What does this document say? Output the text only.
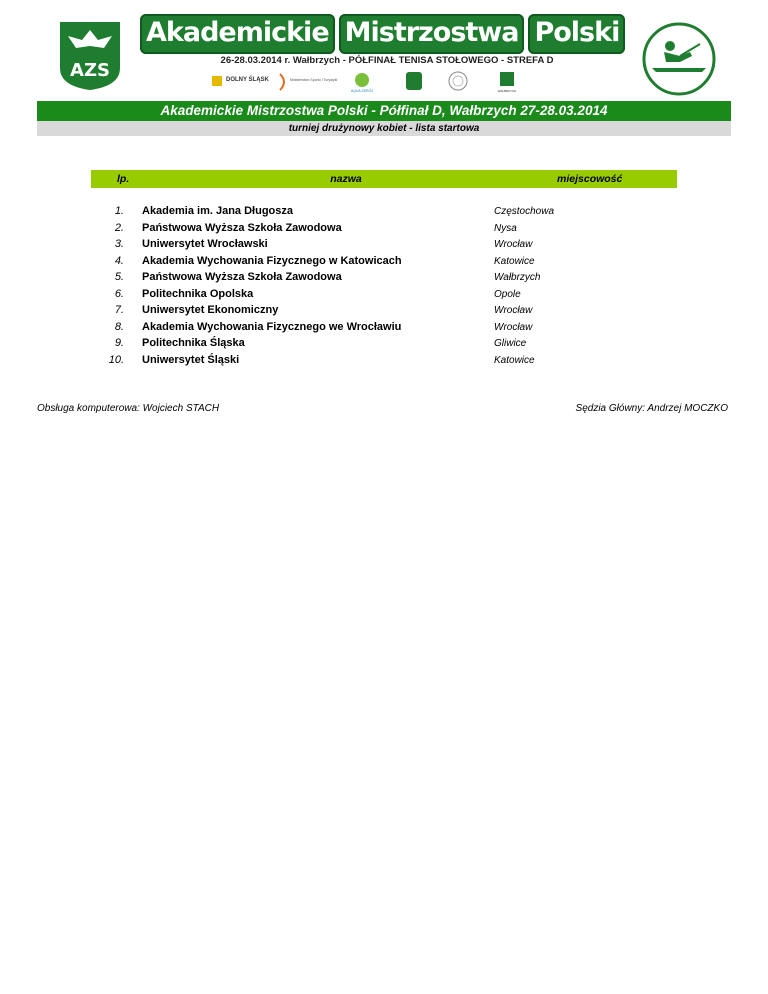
AZS
Akademickie Mistrzostwa Polski
26-28.03.2014 r. Wałbrzych - PÓŁFINAŁ TENISA STOŁOWEGO - STREFA D
DOLNY ŚLĄSK	Ministerstwo Sportu i Turystyki
AQUA ZDRÓJ	WAŁBRZYCH
Akademickie Mistrzostwa Polski - Półfinał D, Wałbrzych 27-28.03.2014
turniej drużynowy kobiet - lista startowa
lp.	nazwa	miejscowość
1. Akademia im. Jana Długosza	Częstochowa
2. Państwowa Wyższa Szkoła Zawodowa	Nysa
3. Uniwersytet Wrocławski	Wrocław
4. Akademia Wychowania Fizycznego w Katowicach	Katowice
5. Państwowa Wyższa Szkoła Zawodowa	Wałbrzych
6. Politechnika Opolska	Opole
7. Uniwersytet Ekonomiczny	Wrocław
8. Akademia Wychowania Fizycznego we Wrocławiu	Wrocław
9. Politechnika Śląska	Gliwice
10. Uniwersytet Śląski	Katowice
Obsługa komputerowa: Wojciech STACH	Sędzia Główny: Andrzej MOCZKO
